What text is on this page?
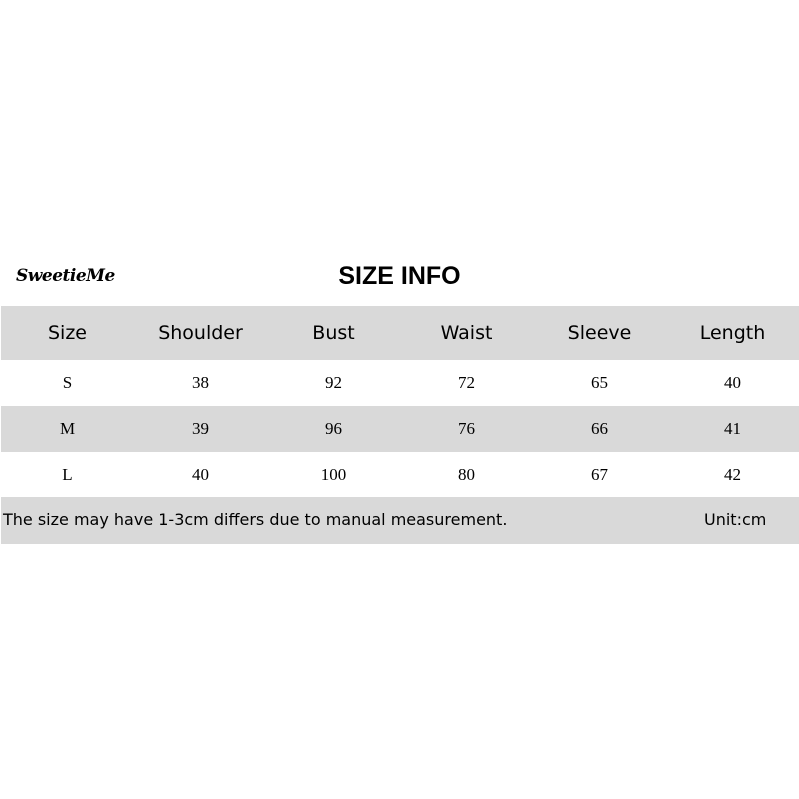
SweetieMe	SIZE INFO
Size	Shoulder	Bust	Waist	Sleeve	Length
S	38	92	72	65	40
M	39	96	76	66	41
L	40	100	80	67	42
The size may have 1-3cm differs due to manual measurement.	Unit:cm
